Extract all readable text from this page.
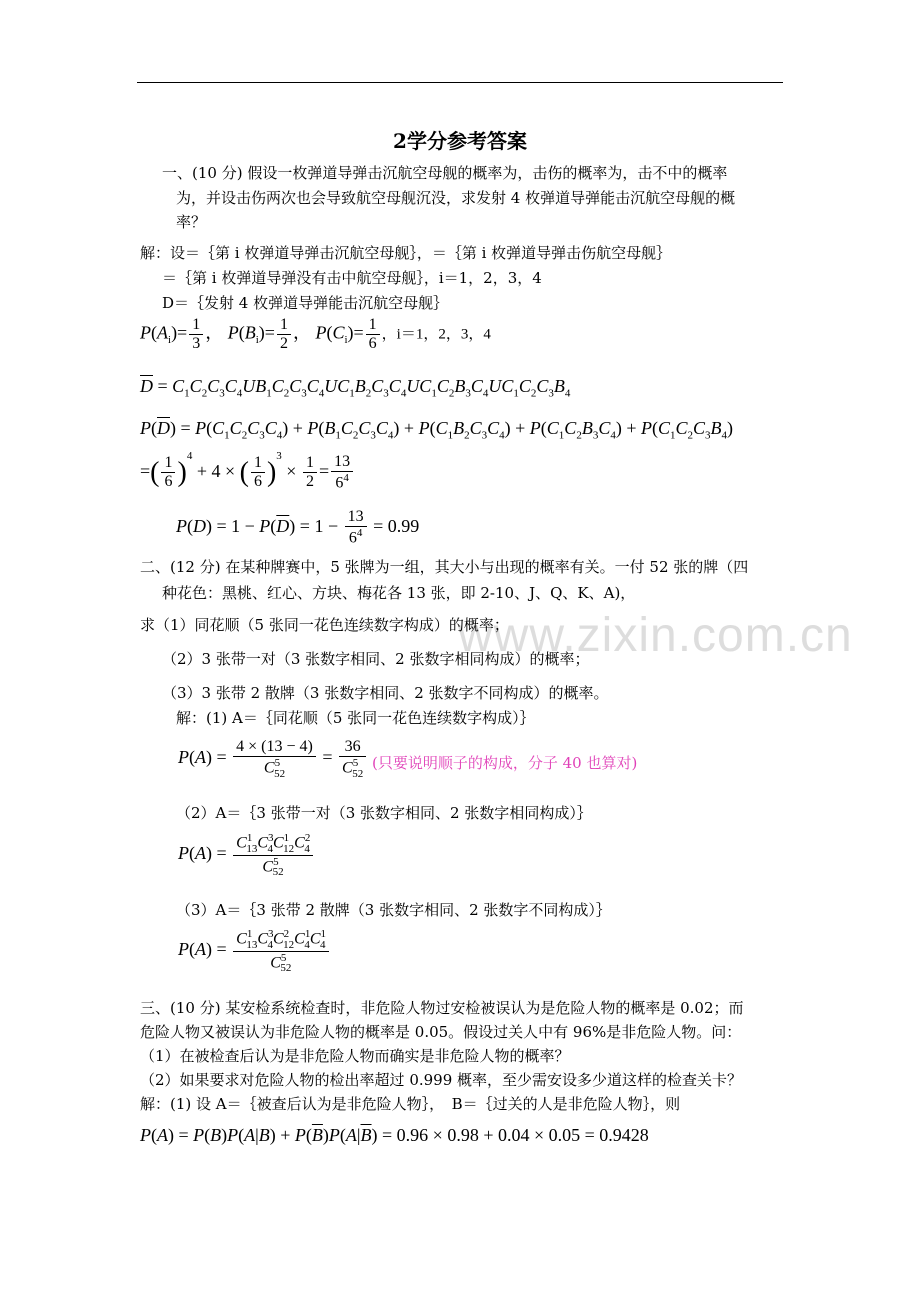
2学分参考答案
www.zixin.com.cn
一、(10 分) 假设一枚弹道导弹击沉航空母舰的概率为，击伤的概率为，击不中的概率
为，并设击伤两次也会导致航空母舰沉没，求发射 4 枚弹道导弹能击沉航空母舰的概
率？
解：设＝｛第 i 枚弹道导弹击沉航空母舰｝，＝｛第 i 枚弹道导弹击伤航空母舰｝
＝｛第 i 枚弹道导弹没有击中航空母舰｝，i＝1，2，3，4
D＝｛发射 4 枚弹道导弹能击沉航空母舰｝
$P(A_i)= \frac{1}{3}$ ， $P(B_i)= \frac{1}{2}$ ， $P(C_i)= \frac{1}{6}$ ，i＝1，2，3，4
$\overline{D} = C_1C_2C_3C_4UB_1C_2C_3C_4UC_1B_2C_3C_4UC_1C_2B_3C_4UC_1C_2C_3B_4$
$P(\overline{D}) = P(C_1C_2C_3C_4) + P(B_1C_2C_3C_4) + P(C_1B_2C_3C_4) + P(C_1C_2B_3C_4) + P(C_1C_2C_3B_4)$
=( $\frac{1}{6} )^4 + 4$ × ( $\frac{1}{6} )^3 \times \frac{1}{2} = \frac{13}{6^4}$
$P(D) = 1 - P(\overline{D}) = 1 - \frac{13}{6^4} = 0.99$
二、(12 分) 在某种牌赛中，5 张牌为一组，其大小与出现的概率有关。一付 52 张的牌（四
种花色：黑桃、红心、方块、梅花各 13 张，即 2-10、J、Q、K、A)，
求（1）同花顺（5 张同一花色连续数字构成）的概率；
（2）3 张带一对（3 张数字相同、2 张数字相同构成）的概率；
（3）3 张带 2 散牌（3 张数字相同、2 张数字不同构成）的概率。
解：(1) A＝｛同花顺（5 张同一花色连续数字构成）｝
$P(A) = \frac{4 \times (13 - 4)}{C^5_{52}} = \frac{36}{C^5_{52}}$ (只要说明顺子的构成，分子 40 也算对)
（2）A＝｛3 张带一对（3 张数字相同、2 张数字相同构成）｝
$P(A) = \frac{C^1_{13}C^3_4C^1_{12}C^2_4}{C^5_{52}}$
（3）A＝｛3 张带 2 散牌（3 张数字相同、2 张数字不同构成）｝
$P(A) = \frac{C^1_{13}C^3_4C^2_{12}C^1_4C^1_4}{C^5_{52}}$
三、(10 分) 某安检系统检查时，非危险人物过安检被误认为是危险人物的概率是 0.02；而
危险人物又被误认为非危险人物的概率是 0.05。假设过关人中有 96%是非危险人物。问：
（1）在被检查后认为是非危险人物而确实是非危险人物的概率？
（2）如果要求对危险人物的检出率超过 0.999 概率，至少需安设多少道这样的检查关卡？
解：(1) 设 A＝｛被查后认为是非危险人物｝，　B＝｛过关的人是非危险人物｝，则
$P(A) = P(B)P(A|B) + P(\overline{B})P(A|\overline{B}) = 0.96 \times 0.98 + 0.04 \times 0.05 = 0.9428$
